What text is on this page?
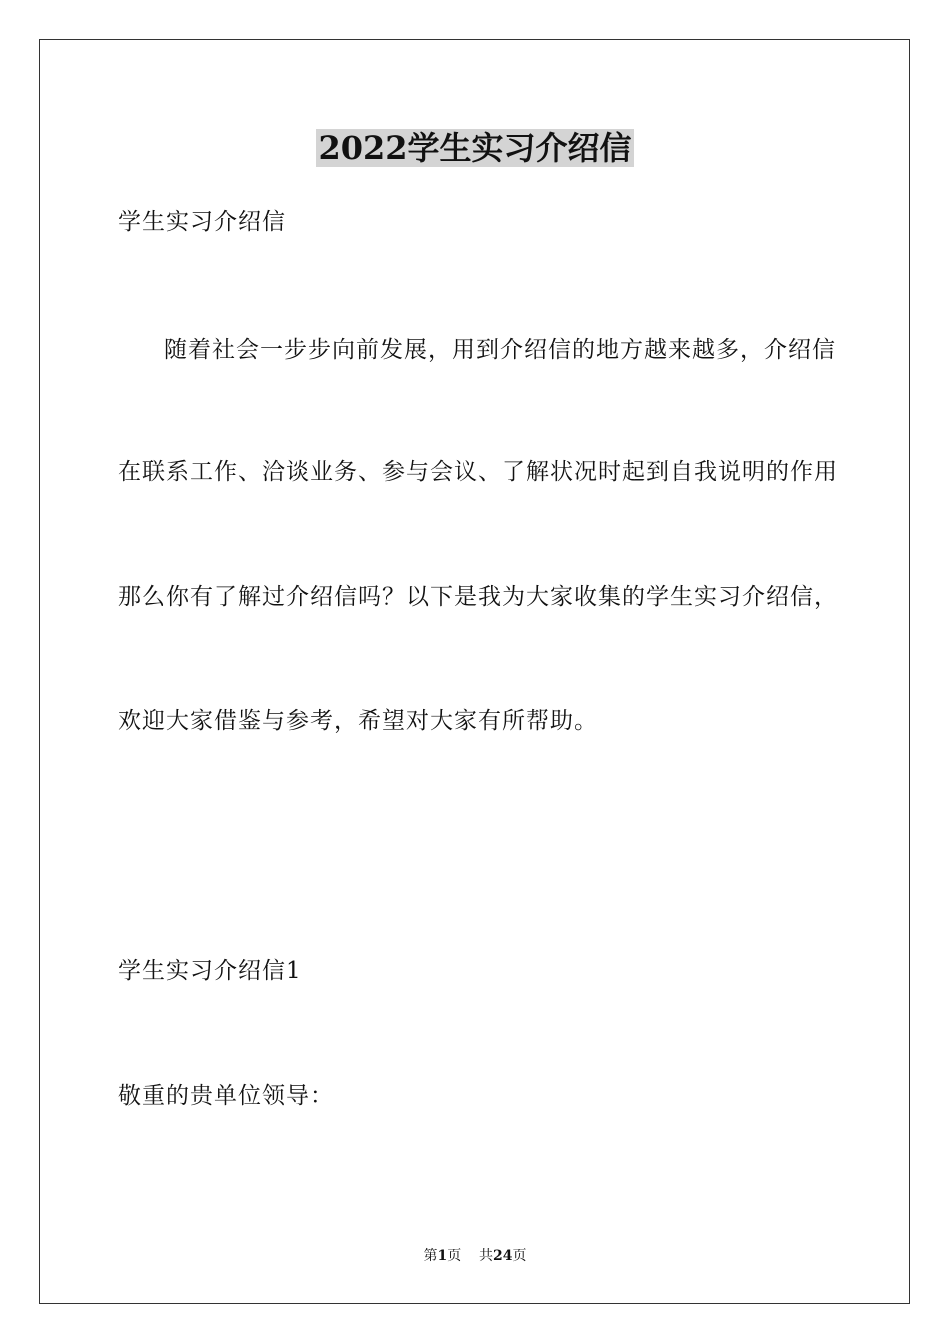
2022学生实习介绍信
学生实习介绍信
随着社会一步步向前发展，用到介绍信的地方越来越多，介绍信
在联系工作、洽谈业务、参与会议、了解状况时起到自我说明的作用
那么你有了解过介绍信吗？以下是我为大家收集的学生实习介绍信，
欢迎大家借鉴与参考，希望对大家有所帮助。
学生实习介绍信1
敬重的贵单位领导：
第1页 共24页
